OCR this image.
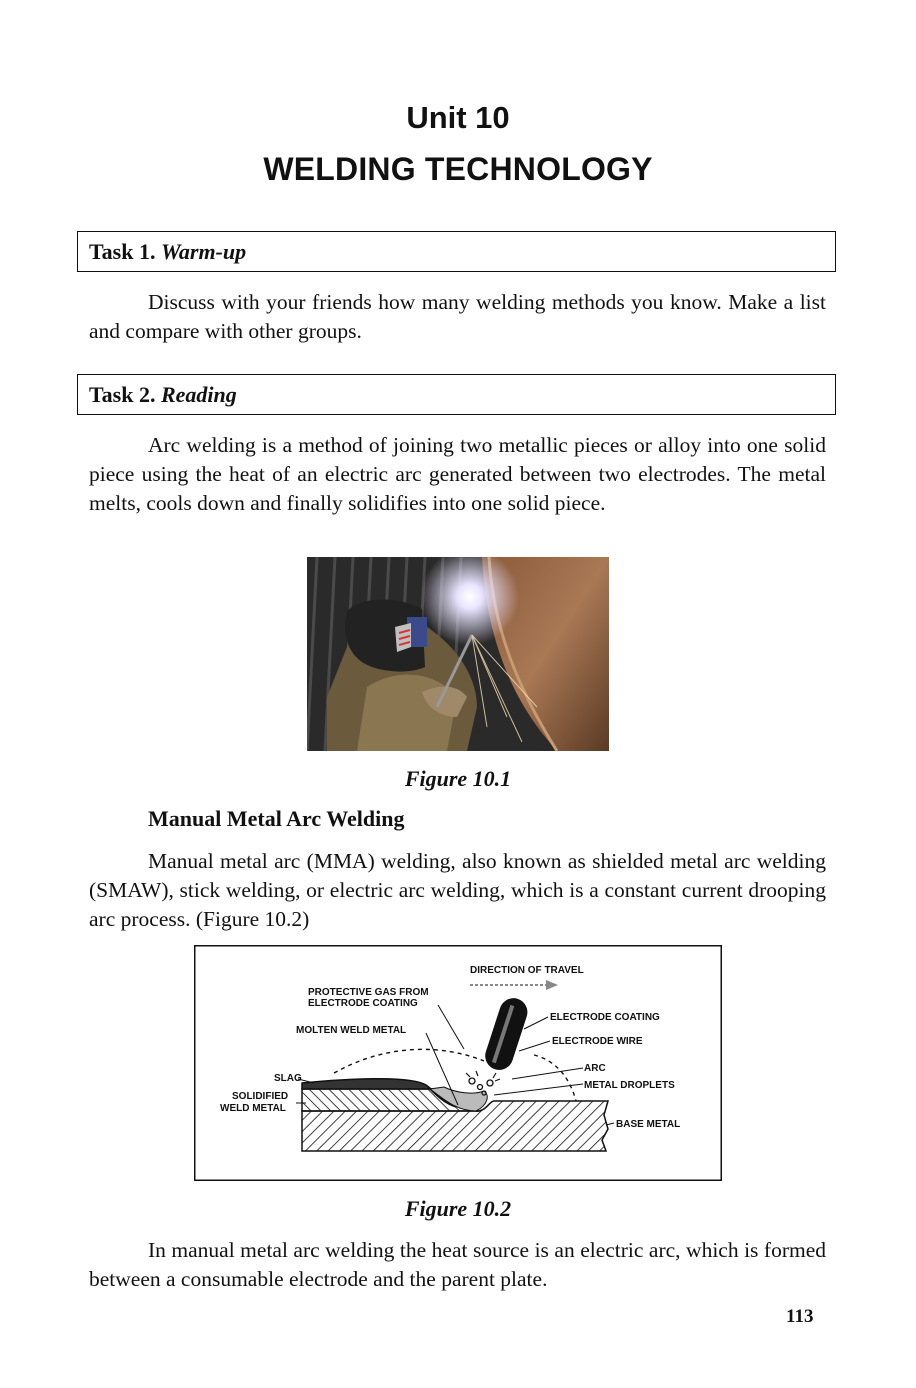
Unit 10
WELDING TECHNOLOGY
Task 1. Warm-up
Discuss with your friends how many welding methods you know. Make a list and compare with other groups.
Task 2. Reading
Arc welding is a method of joining two metallic pieces or alloy into one solid piece using the heat of an electric arc generated between two electrodes. The metal melts, cools down and finally solidifies into one solid piece.
Figure 10.1
Manual Metal Arc Welding
Manual metal arc (MMA) welding, also known as shielded metal arc welding (SMAW), stick welding, or electric arc welding, which is a constant current drooping arc process. (Figure 10.2)
DIRECTION OF TRAVEL
PROTECTIVE GAS FROM
ELECTRODE COATING
MOLTEN WELD METAL
ELECTRODE COATING
ELECTRODE WIRE
ARC
SLAG
METAL DROPLETS
SOLIDIFIED
WELD METAL
BASE METAL
Figure 10.2
In manual metal arc welding the heat source is an electric arc, which is formed between a consumable electrode and the parent plate.
113
